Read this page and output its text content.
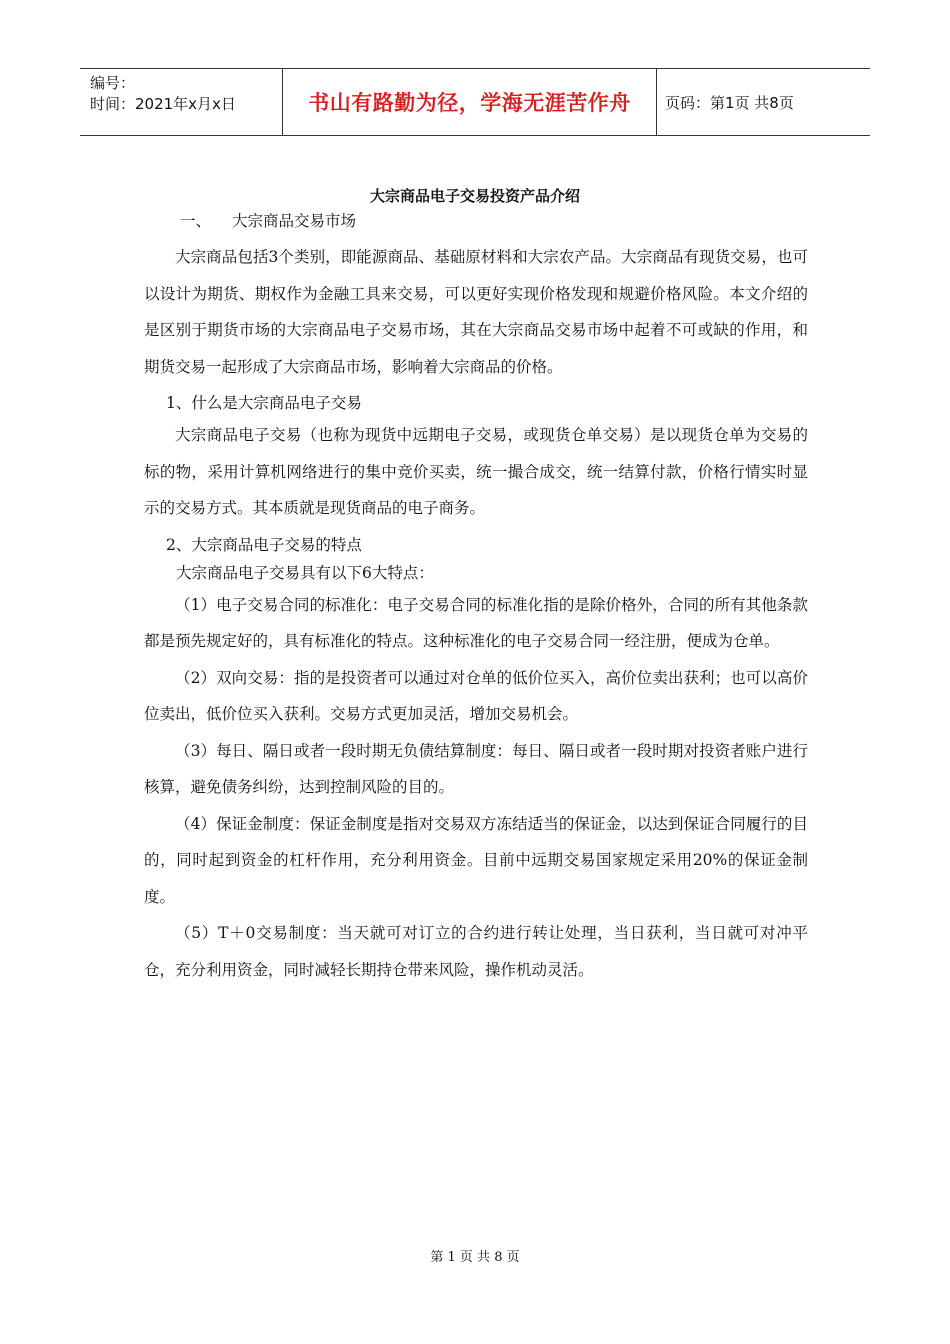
编号：
时间：2021年x月x日	书山有路勤为径，学海无涯苦作舟 页码：第1页 共8页
大宗商品电子交易投资产品介绍

一、 大宗商品交易市场

大宗商品包括3个类别，即能源商品、基础原材料和大宗农产品。大宗商品有现货交易，也可以设计为期货、期权作为金融工具来交易，可以更好实现价格发现和规避价格风险。本文介绍的是区别于期货市场的大宗商品电子交易市场，其在大宗商品交易市场中起着不可或缺的作用，和期货交易一起形成了大宗商品市场，影响着大宗商品的价格。

1、什么是大宗商品电子交易

大宗商品电子交易（也称为现货中远期电子交易，或现货仓单交易）是以现货仓单为交易的标的物，采用计算机网络进行的集中竞价买卖，统一撮合成交，统一结算付款，价格行情实时显示的交易方式。其本质就是现货商品的电子商务。

2、大宗商品电子交易的特点

大宗商品电子交易具有以下6大特点：

（1）电子交易合同的标准化：电子交易合同的标准化指的是除价格外，合同的所有其他条款都是预先规定好的，具有标准化的特点。这种标准化的电子交易合同一经注册，便成为仓单。

（2）双向交易：指的是投资者可以通过对仓单的低价位买入，高价位卖出获利；也可以高价位卖出，低价位买入获利。交易方式更加灵活，增加交易机会。

（3）每日、隔日或者一段时期无负债结算制度：每日、隔日或者一段时期对投资者账户进行核算，避免债务纠纷，达到控制风险的目的。

（4）保证金制度：保证金制度是指对交易双方冻结适当的保证金，以达到保证合同履行的目的，同时起到资金的杠杆作用，充分利用资金。目前中远期交易国家规定采用20%的保证金制度。

（5）T＋0交易制度：当天就可对订立的合约进行转让处理，当日获利，当日就可对冲平仓，充分利用资金，同时减轻长期持仓带来风险，操作机动灵活。

第 1 页 共 8 页
